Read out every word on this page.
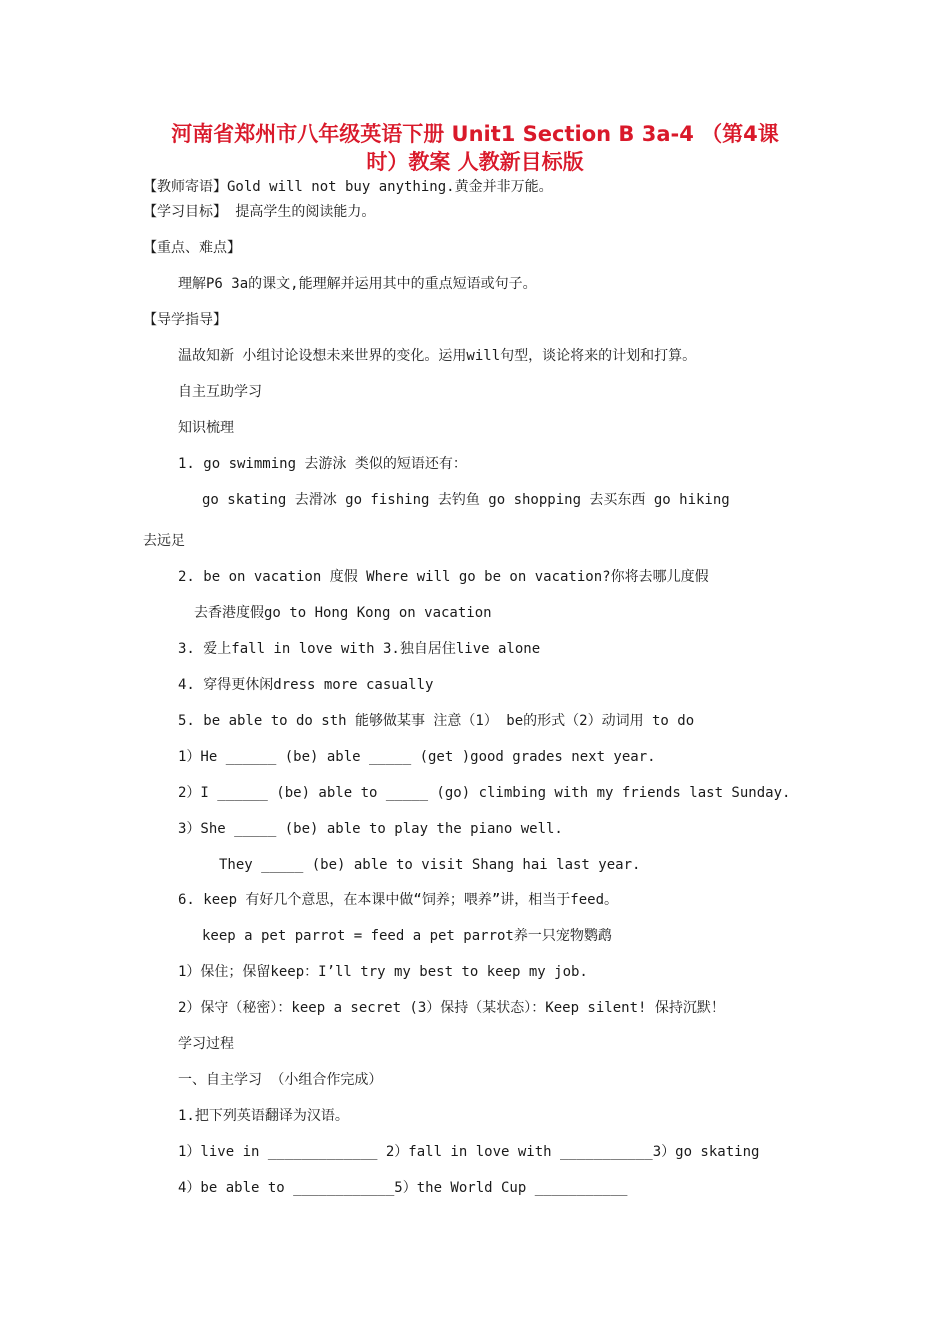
河南省郑州市八年级英语下册 Unit1 Section B 3a-4 （第4课
时）教案 人教新目标版
【教师寄语】Gold will not buy anything.黄金并非万能。
【学习目标】 提高学生的阅读能力。
【重点、难点】
理解P6 3a的课文,能理解并运用其中的重点短语或句子。
【导学指导】
温故知新 小组讨论设想未来世界的变化。运用will句型，谈论将来的计划和打算。
自主互助学习
知识梳理
1. go swimming 去游泳 类似的短语还有：
go skating 去滑冰 go fishing 去钓鱼 go shopping 去买东西 go hiking
去远足
2. be on vacation 度假 Where will go be on vacation?你将去哪儿度假
去香港度假go to Hong Kong on vacation
3. 爱上fall in love with 3.独自居住live alone
4. 穿得更休闲dress more casually
5. be able to do sth 能够做某事 注意（1） be的形式（2）动词用 to do
1）He ______ (be) able _____ (get )good grades next year.
2）I ______ (be) able to _____ (go) climbing with my friends last Sunday.
3）She _____ (be) able to play the piano well.
They _____ (be) able to visit Shang hai last year.
6. keep 有好几个意思，在本课中做“饲养；喂养”讲，相当于feed。
keep a pet parrot = feed a pet parrot养一只宠物鹦鹉
1）保住；保留keep：I’ll try my best to keep my job.
2）保守（秘密）：keep a secret (3）保持（某状态）：Keep silent! 保持沉默！
学习过程
一、自主学习 （小组合作完成）
1.把下列英语翻译为汉语。
1）live in _____________ 2）fall in love with ___________3）go skating
4）be able to ____________5）the World Cup ___________
